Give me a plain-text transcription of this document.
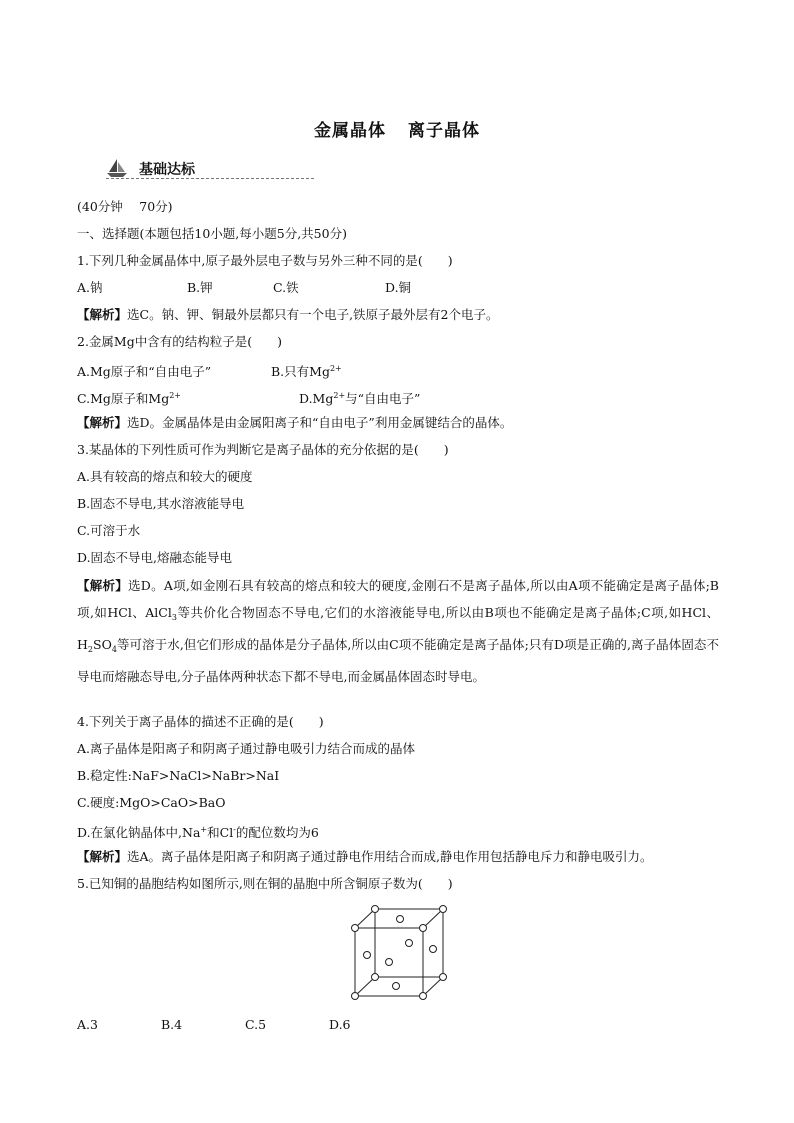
金属晶体 离子晶体
基础达标
(40分钟　 70分)
一、选择题(本题包括10小题,每小题5分,共50分)
1.下列几种金属晶体中,原子最外层电子数与另外三种不同的是(　　)
A.钠	B.钾	C.铁	D.铜
【解析】选C。钠、钾、铜最外层都只有一个电子,铁原子最外层有2个电子。
2.金属Mg中含有的结构粒子是(　　)
A.Mg原子和“自由电子”	B.只有$Mg^{2+}$
C.Mg原子和$Mg^{2+}$	$D.Mg^{2+}$与“自由电子”
【解析】选D。金属晶体是由金属阳离子和“自由电子”利用金属键结合的晶体。
3.某晶体的下列性质可作为判断它是离子晶体的充分依据的是(　　)
A.具有较高的熔点和较大的硬度
B.固态不导电,其水溶液能导电
C.可溶于水
D.固态不导电,熔融态能导电
【解析】选D。A项,如金刚石具有较高的熔点和较大的硬度,金刚石不是离子晶体,所以由A项不能确定是离子晶体;B项,如HCl、AlCl$_3$等共价化合物固态不导电,它们的水溶液能导电,所以由B项也不能确定是离子晶体;C项,如HCl、$H_2SO_4$等可溶于水,但它们形成的晶体是分子晶体,所以由C项不能确定是离子晶体;只有D项是正确的,离子晶体固态不导电而熔融态导电,分子晶体两种状态下都不导电,而金属晶体固态时导电。
4.下列关于离子晶体的描述不正确的是(　　)
A.离子晶体是阳离子和阴离子通过静电吸引力结合而成的晶体
B.稳定性:NaF>NaCl>NaBr>NaI
C.硬度:MgO>CaO>BaO
D.在氯化钠晶体中,Na+和Cl-的配位数均为6
【解析】选A。离子晶体是阳离子和阴离子通过静电作用结合而成,静电作用包括静电斥力和静电吸引力。
5.已知铜的晶胞结构如图所示,则在铜的晶胞中所含铜原子数为(　　)
A.3	B.4	C.5	D.6
